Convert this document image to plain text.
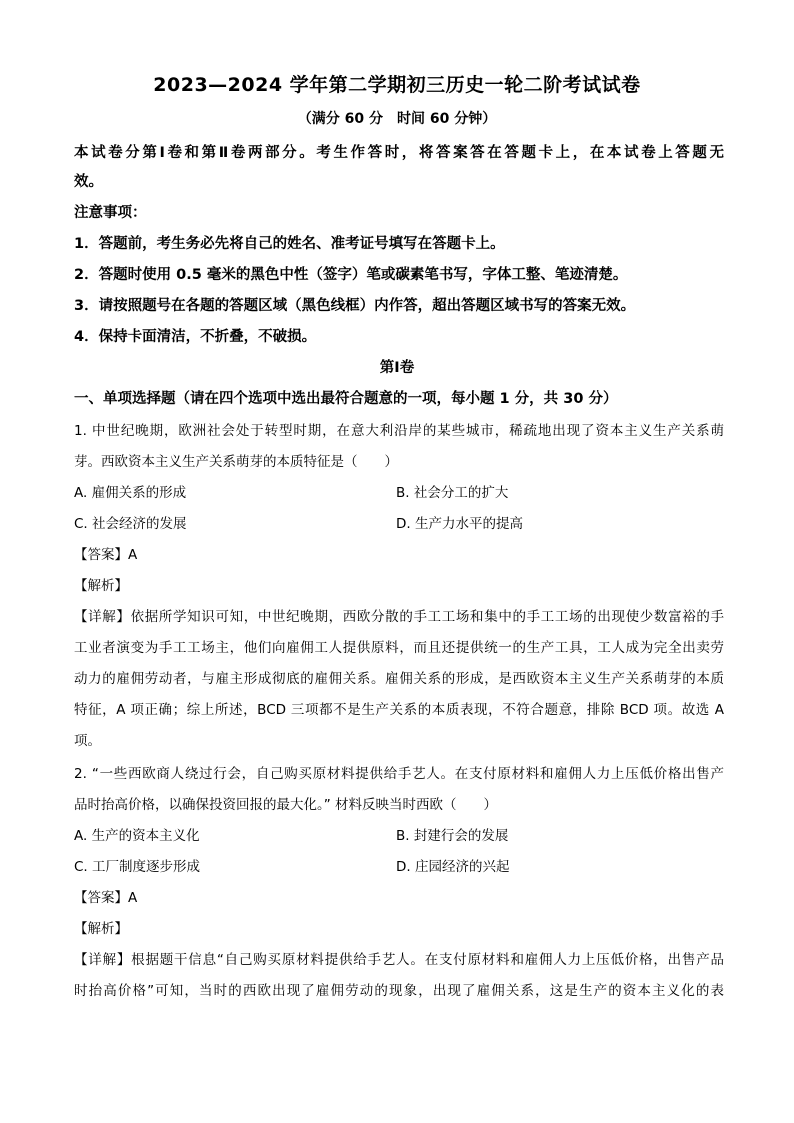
2023—2024 学年第二学期初三历史一轮二阶考试试卷
（满分 60 分　时间 60 分钟）
本试卷分第Ⅰ卷和第Ⅱ卷两部分。考生作答时，将答案答在答题卡上，在本试卷上答题无
效。
注意事项：
1．答题前，考生务必先将自己的姓名、准考证号填写在答题卡上。
2．答题时使用 0.5 毫米的黑色中性（签字）笔或碳素笔书写，字体工整、笔迹清楚。
3．请按照题号在各题的答题区域（黑色线框）内作答，超出答题区域书写的答案无效。
4．保持卡面清洁，不折叠，不破损。
第Ⅰ卷
一、单项选择题（请在四个选项中选出最符合题意的一项，每小题 1 分，共 30 分）
1. 中世纪晚期，欧洲社会处于转型时期，在意大利沿岸的某些城市，稀疏地出现了资本主义生产关系萌
芽。西欧资本主义生产关系萌芽的本质特征是（　　）
A. 雇佣关系的形成	B. 社会分工的扩大
C. 社会经济的发展	D. 生产力水平的提高
【答案】A
【解析】
【详解】依据所学知识可知，中世纪晚期，西欧分散的手工工场和集中的手工工场的出现使少数富裕的手
工业者演变为手工工场主，他们向雇佣工人提供原料，而且还提供统一的生产工具，工人成为完全出卖劳
动力的雇佣劳动者，与雇主形成彻底的雇佣关系。雇佣关系的形成，是西欧资本主义生产关系萌芽的本质
特征，A 项正确；综上所述，BCD 三项都不是生产关系的本质表现，不符合题意，排除 BCD 项。故选 A
项。
2. “一些西欧商人绕过行会，自己购买原材料提供给手艺人。在支付原材料和雇佣人力上压低价格出售产
品时抬高价格，以确保投资回报的最大化。” 材料反映当时西欧（　　）
A. 生产的资本主义化	B. 封建行会的发展
C. 工厂制度逐步形成	D. 庄园经济的兴起
【答案】A
【解析】
【详解】根据题干信息“自己购买原材料提供给手艺人。在支付原材料和雇佣人力上压低价格，出售产品
时抬高价格”可知，当时的西欧出现了雇佣劳动的现象，出现了雇佣关系，这是生产的资本主义化的表
